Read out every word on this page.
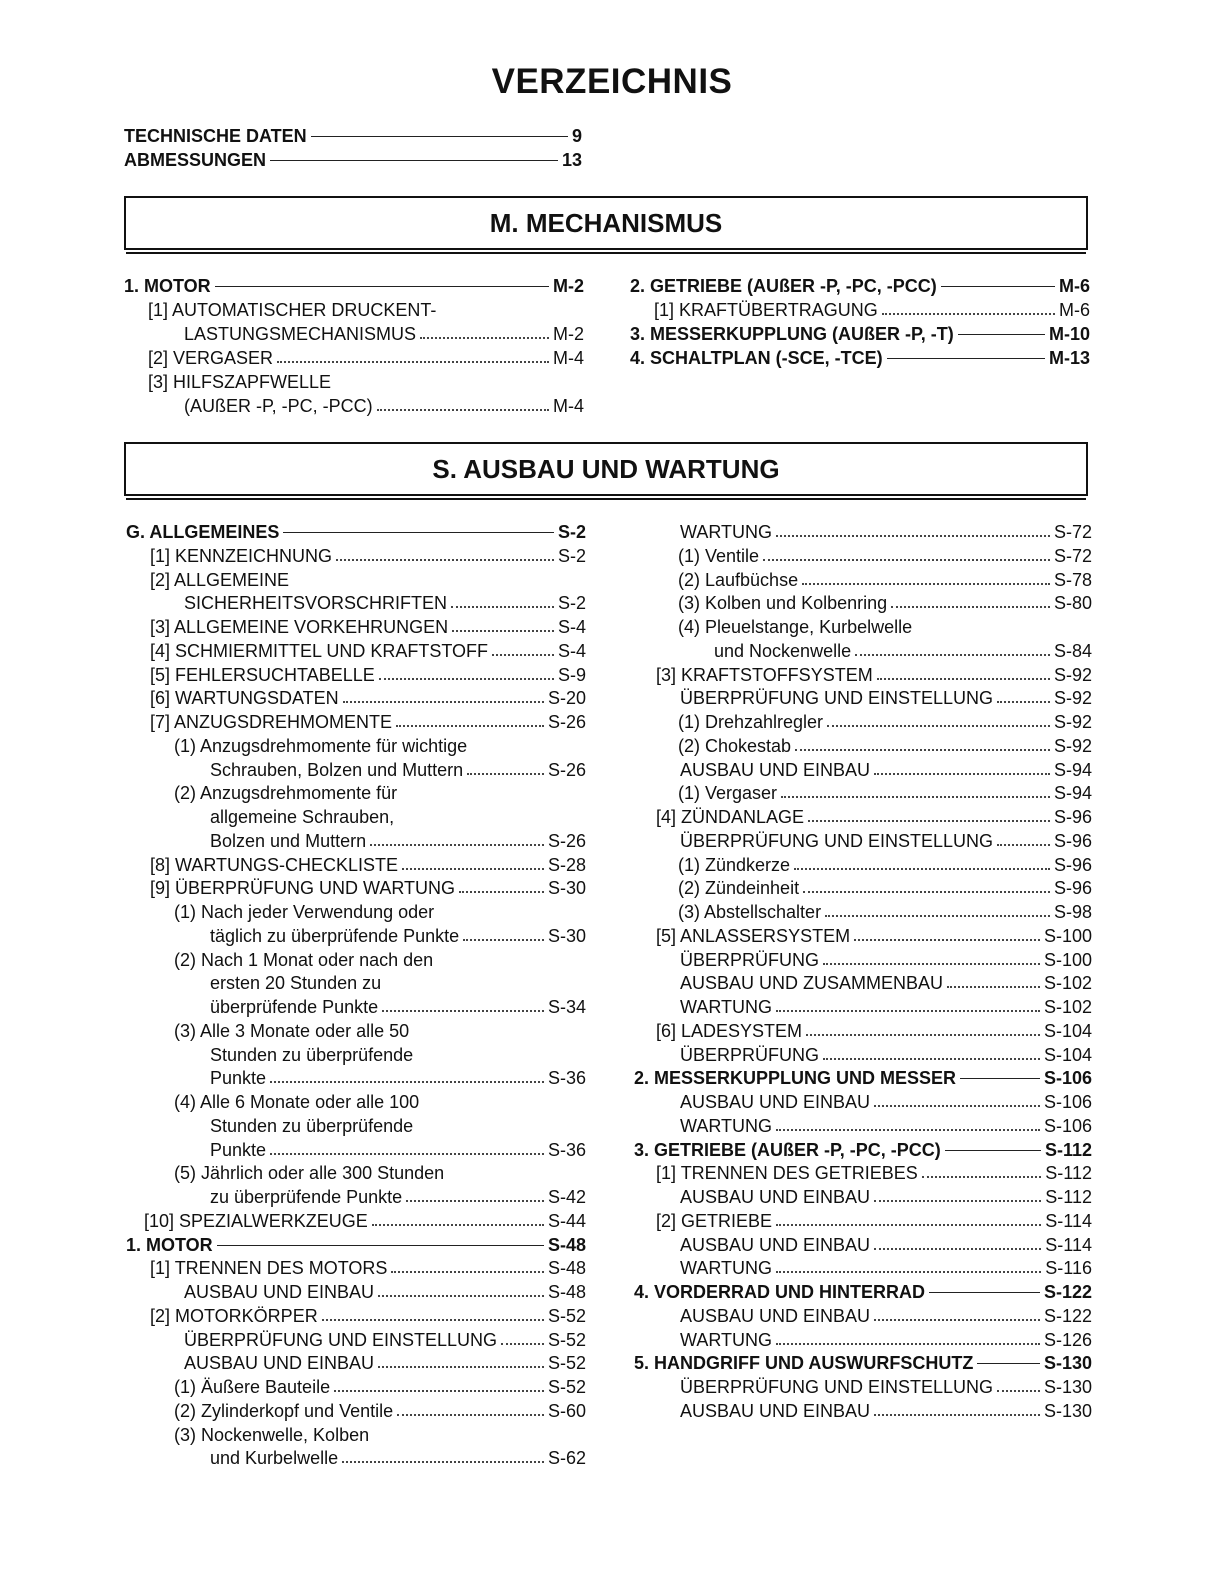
VERZEICHNIS
TECHNISCHE DATEN	9
ABMESSUNGEN	13
M. MECHANISMUS
1. MOTOR	M-2
[1] AUTOMATISCHER DRUCKENT-
LASTUNGSMECHANISMUS	M-2
[2] VERGASER	M-4
[3] HILFSZAPFWELLE
(AUßER -P, -PC, -PCC)	M-4
2. GETRIEBE (AUßER -P, -PC, -PCC)	M-6
[1] KRAFTÜBERTRAGUNG	M-6
3. MESSERKUPPLUNG (AUßER -P, -T)	M-10
4. SCHALTPLAN (-SCE, -TCE)	M-13
S. AUSBAU UND WARTUNG
G. ALLGEMEINES	S-2
[1] KENNZEICHNUNG	S-2
[2] ALLGEMEINE
SICHERHEITSVORSCHRIFTEN	S-2
[3] ALLGEMEINE VORKEHRUNGEN	S-4
[4] SCHMIERMITTEL UND KRAFTSTOFF	S-4
[5] FEHLERSUCHTABELLE	S-9
[6] WARTUNGSDATEN	S-20
[7] ANZUGSDREHMOMENTE	S-26
(1) Anzugsdrehmomente für wichtige
Schrauben, Bolzen und Muttern	S-26
(2) Anzugsdrehmomente für
allgemeine Schrauben,
Bolzen und Muttern	S-26
[8] WARTUNGS-CHECKLISTE	S-28
[9] ÜBERPRÜFUNG UND WARTUNG	S-30
(1) Nach jeder Verwendung oder
täglich zu überprüfende Punkte	S-30
(2) Nach 1 Monat oder nach den
ersten 20 Stunden zu
überprüfende Punkte	S-34
(3) Alle 3 Monate oder alle 50
Stunden zu überprüfende
Punkte	S-36
(4) Alle 6 Monate oder alle 100
Stunden zu überprüfende
Punkte	S-36
(5) Jährlich oder alle 300 Stunden
zu überprüfende Punkte	S-42
[10] SPEZIALWERKZEUGE	S-44
1. MOTOR	S-48
[1] TRENNEN DES MOTORS	S-48
AUSBAU UND EINBAU	S-48
[2] MOTORKÖRPER	S-52
ÜBERPRÜFUNG UND EINSTELLUNG	S-52
AUSBAU UND EINBAU	S-52
(1) Äußere Bauteile	S-52
(2) Zylinderkopf und Ventile	S-60
(3) Nockenwelle, Kolben
und Kurbelwelle	S-62
WARTUNG	S-72
(1) Ventile	S-72
(2) Laufbüchse	S-78
(3) Kolben und Kolbenring	S-80
(4) Pleuelstange, Kurbelwelle
und Nockenwelle	S-84
[3] KRAFTSTOFFSYSTEM	S-92
ÜBERPRÜFUNG UND EINSTELLUNG	S-92
(1) Drehzahlregler	S-92
(2) Chokestab	S-92
AUSBAU UND EINBAU	S-94
(1) Vergaser	S-94
[4] ZÜNDANLAGE	S-96
ÜBERPRÜFUNG UND EINSTELLUNG	S-96
(1) Zündkerze	S-96
(2) Zündeinheit	S-96
(3) Abstellschalter	S-98
[5] ANLASSERSYSTEM	S-100
ÜBERPRÜFUNG	S-100
AUSBAU UND ZUSAMMENBAU	S-102
WARTUNG	S-102
[6] LADESYSTEM	S-104
ÜBERPRÜFUNG	S-104
2. MESSERKUPPLUNG UND MESSER	S-106
AUSBAU UND EINBAU	S-106
WARTUNG	S-106
3. GETRIEBE (AUßER -P, -PC, -PCC)	S-112
[1] TRENNEN DES GETRIEBES	S-112
AUSBAU UND EINBAU	S-112
[2] GETRIEBE	S-114
AUSBAU UND EINBAU	S-114
WARTUNG	S-116
4. VORDERRAD UND HINTERRAD	S-122
AUSBAU UND EINBAU	S-122
WARTUNG	S-126
5. HANDGRIFF UND AUSWURFSCHUTZ	S-130
ÜBERPRÜFUNG UND EINSTELLUNG	S-130
AUSBAU UND EINBAU	S-130
